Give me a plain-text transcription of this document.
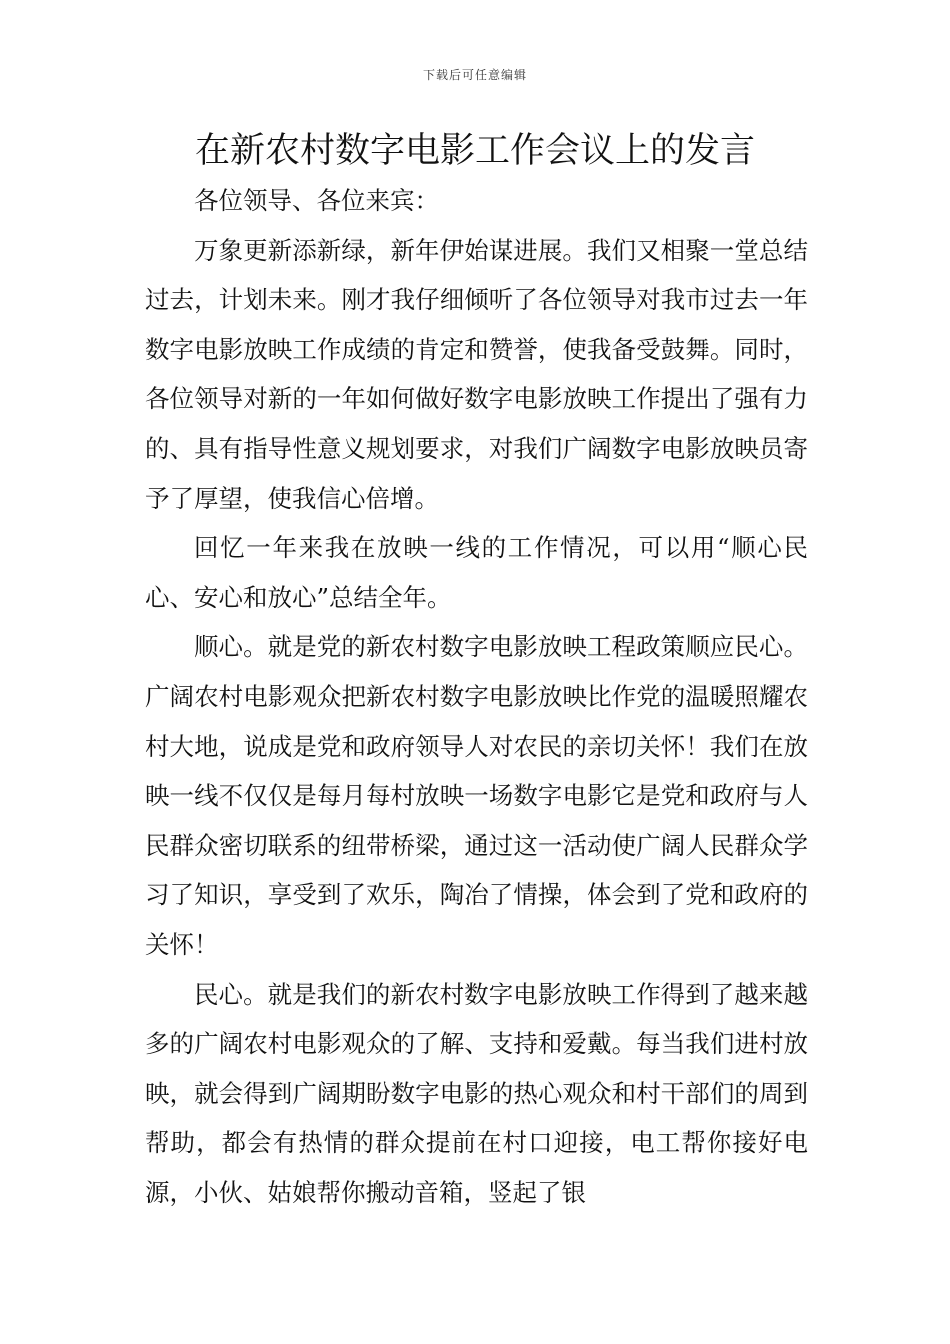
下载后可任意编辑
在新农村数字电影工作会议上的发言

各位领导、各位来宾：

万象更新添新绿，新年伊始谋进展。我们又相聚一堂总结过去，计划未来。刚才我仔细倾听了各位领导对我市过去一年数字电影放映工作成绩的肯定和赞誉，使我备受鼓舞。同时，各位领导对新的一年如何做好数字电影放映工作提出了强有力的、具有指导性意义规划要求，对我们广阔数字电影放映员寄予了厚望，使我信心倍增。

回忆一年来我在放映一线的工作情况，可以用“顺心民心、安心和放心”总结全年。

顺心。就是党的新农村数字电影放映工程政策顺应民心。广阔农村电影观众把新农村数字电影放映比作党的温暖照耀农村大地，说成是党和政府领导人对农民的亲切关怀！我们在放映一线不仅仅是每月每村放映一场数字电影它是党和政府与人民群众密切联系的纽带桥梁，通过这一活动使广阔人民群众学习了知识，享受到了欢乐，陶冶了情操，体会到了党和政府的关怀！

民心。就是我们的新农村数字电影放映工作得到了越来越多的广阔农村电影观众的了解、支持和爱戴。每当我们进村放映，就会得到广阔期盼数字电影的热心观众和村干部们的周到帮助，都会有热情的群众提前在村口迎接，电工帮你接好电源，小伙、姑娘帮你搬动音箱，竖起了银
